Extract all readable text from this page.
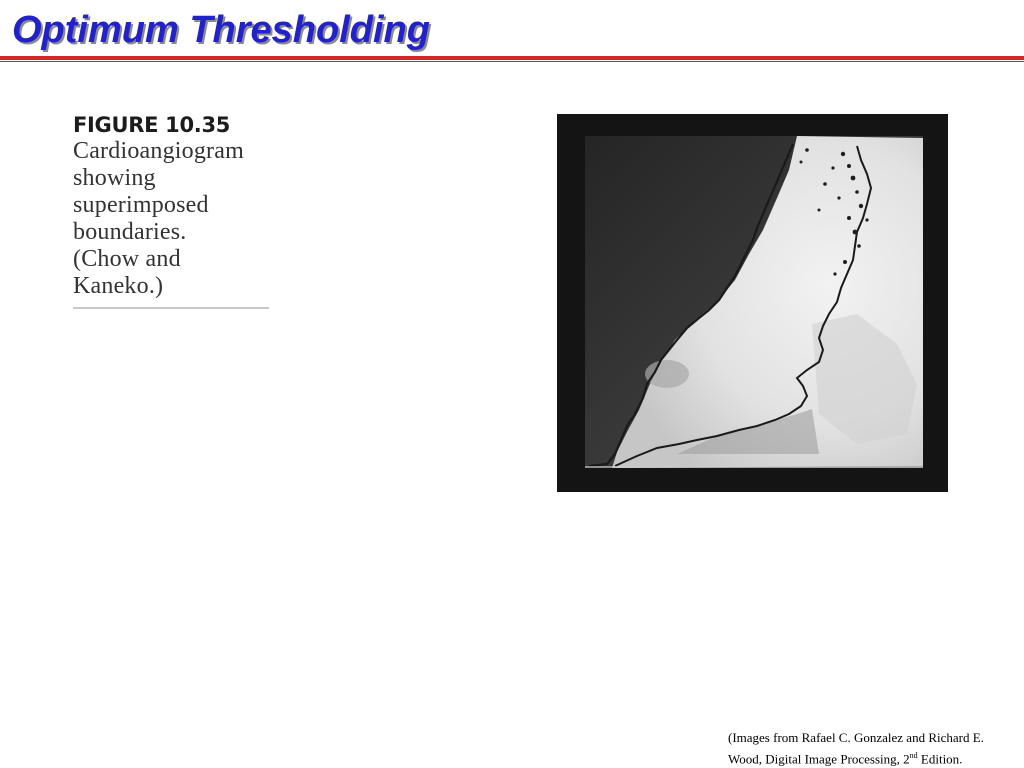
Optimum Thresholding
FIGURE 10.35
Cardioangiogram
showing
superimposed
boundaries.
(Chow and
Kaneko.)
(Images from Rafael C. Gonzalez and Richard E. Wood, Digital Image Processing, 2nd Edition.
